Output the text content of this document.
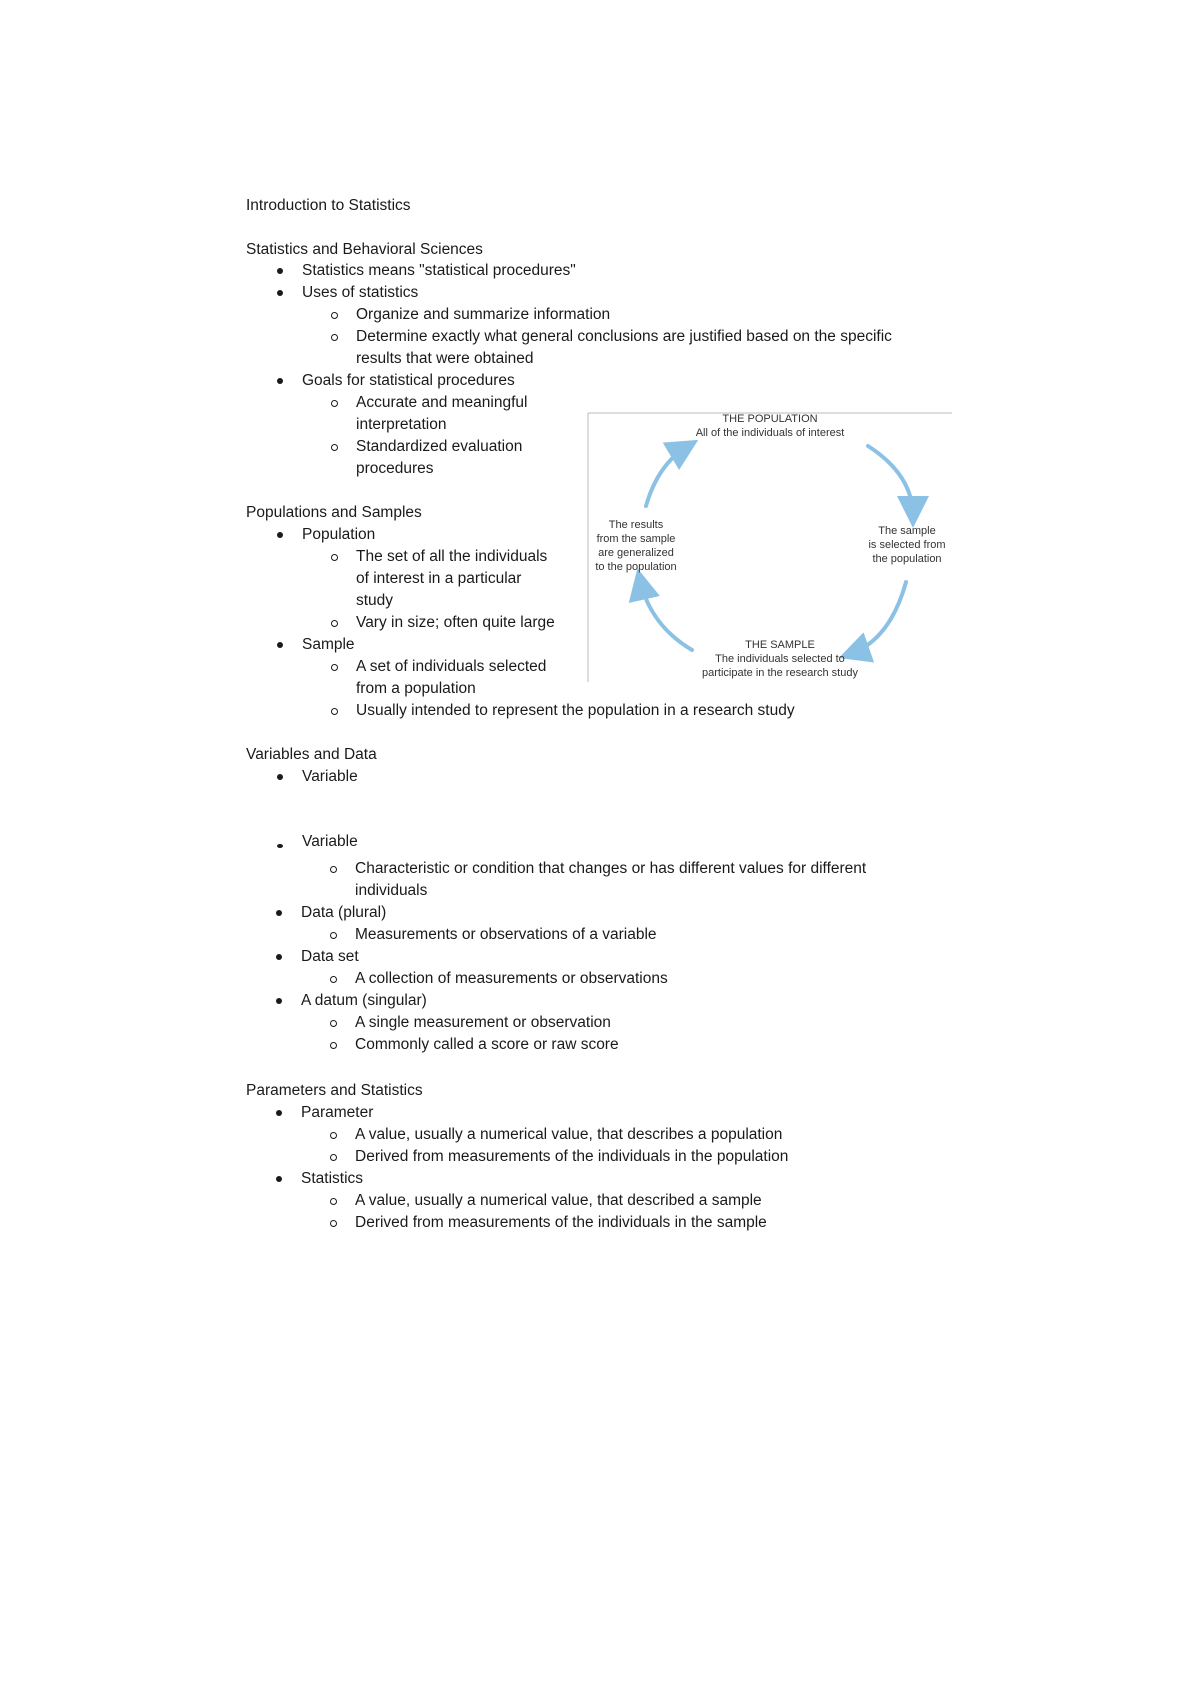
Introduction to Statistics
Statistics and Behavioral Sciences
Statistics means "statistical procedures"
Uses of statistics
Organize and summarize information
Determine exactly what general conclusions are justified based on the specific
results that were obtained
Goals for statistical procedures
Accurate and meaningful
interpretation
Standardized evaluation
procedures
Populations and Samples
Population
The set of all the individuals
of interest in a particular
study
Vary in size; often quite large
Sample
A set of individuals selected
from a population
Usually intended to represent the population in a research study
THE POPULATION
All of the individuals of interest
The sample
is selected from
the population
The results
from the sample
are generalized
to the population
THE SAMPLE
The individuals selected to
participate in the research study
Variables and Data
Variable
Variable
Characteristic or condition that changes or has different values for different
individuals
Data (plural)
Measurements or observations of a variable
Data set
A collection of measurements or observations
A datum (singular)
A single measurement or observation
Commonly called a score or raw score
Parameters and Statistics
Parameter
A value, usually a numerical value, that describes a population
Derived from measurements of the individuals in the population
Statistics
A value, usually a numerical value, that described a sample
Derived from measurements of the individuals in the sample
